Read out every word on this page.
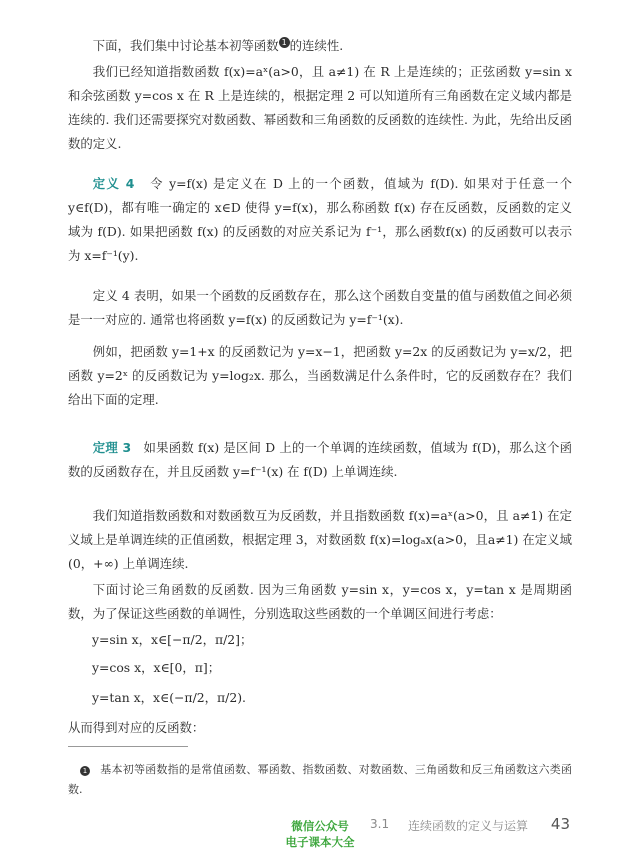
下面，我们集中讨论基本初等函数 1 的连续性.

我们已经知道指数函数 f(x)=aˣ(a>0，且 a≠1) 在 R 上是连续的；正弦函数 y=sin x 和余弦函数 y=cos x 在 R 上是连续的，根据定理 2 可以知道所有三角函数在定义域内都是连续的. 我们还需要探究对数函数、幂函数和三角函数的反函数的连续性. 为此，先给出反函数的定义.

定义 4 令 y=f(x) 是定义在 D 上的一个函数，值域为 f(D). 如果对于任意一个 y∈f(D)，都有唯一确定的 x∈D 使得 y=f(x)，那么称函数 f(x) 存在反函数，反函数的定义域为 f(D). 如果把函数 f(x) 的反函数的对应关系记为 f⁻¹，那么函数f(x) 的反函数可以表示为 x=f⁻¹(y).

定义 4 表明，如果一个函数的反函数存在，那么这个函数自变量的值与函数值之间必须是一一对应的. 通常也将函数 y=f(x) 的反函数记为 y=f⁻¹(x).

例如，把函数 y=1+x 的反函数记为 y=x−1，把函数 y=2x 的反函数记为 y=x/2，把函数 y=2ˣ 的反函数记为 y=log₂x. 那么，当函数满足什么条件时，它的反函数存在？我们给出下面的定理.

定理 3 如果函数 f(x) 是区间 D 上的一个单调的连续函数，值域为 f(D)，那么这个函数的反函数存在，并且反函数 y=f⁻¹(x) 在 f(D) 上单调连续.

我们知道指数函数和对数函数互为反函数，并且指数函数 f(x)=aˣ(a>0，且 a≠1) 在定义域上是单调连续的正值函数，根据定理 3，对数函数 f(x)=logₐx(a>0，且a≠1) 在定义域 (0，+∞) 上单调连续.

下面讨论三角函数的反函数. 因为三角函数 y=sin x，y=cos x，y=tan x 是周期函数，为了保证这些函数的单调性，分别选取这些函数的一个单调区间进行考虑：

y=sin x，x∈[−π/2，π/2]；
y=cos x，x∈[0，π]；
y=tan x，x∈(−π/2，π/2).

从而得到对应的反函数：

1 基本初等函数指的是常值函数、幂函数、指数函数、对数函数、三角函数和反三角函数这六类函数.
3.1 连续函数的定义与运算 43
微信公众号
电子课本大全
